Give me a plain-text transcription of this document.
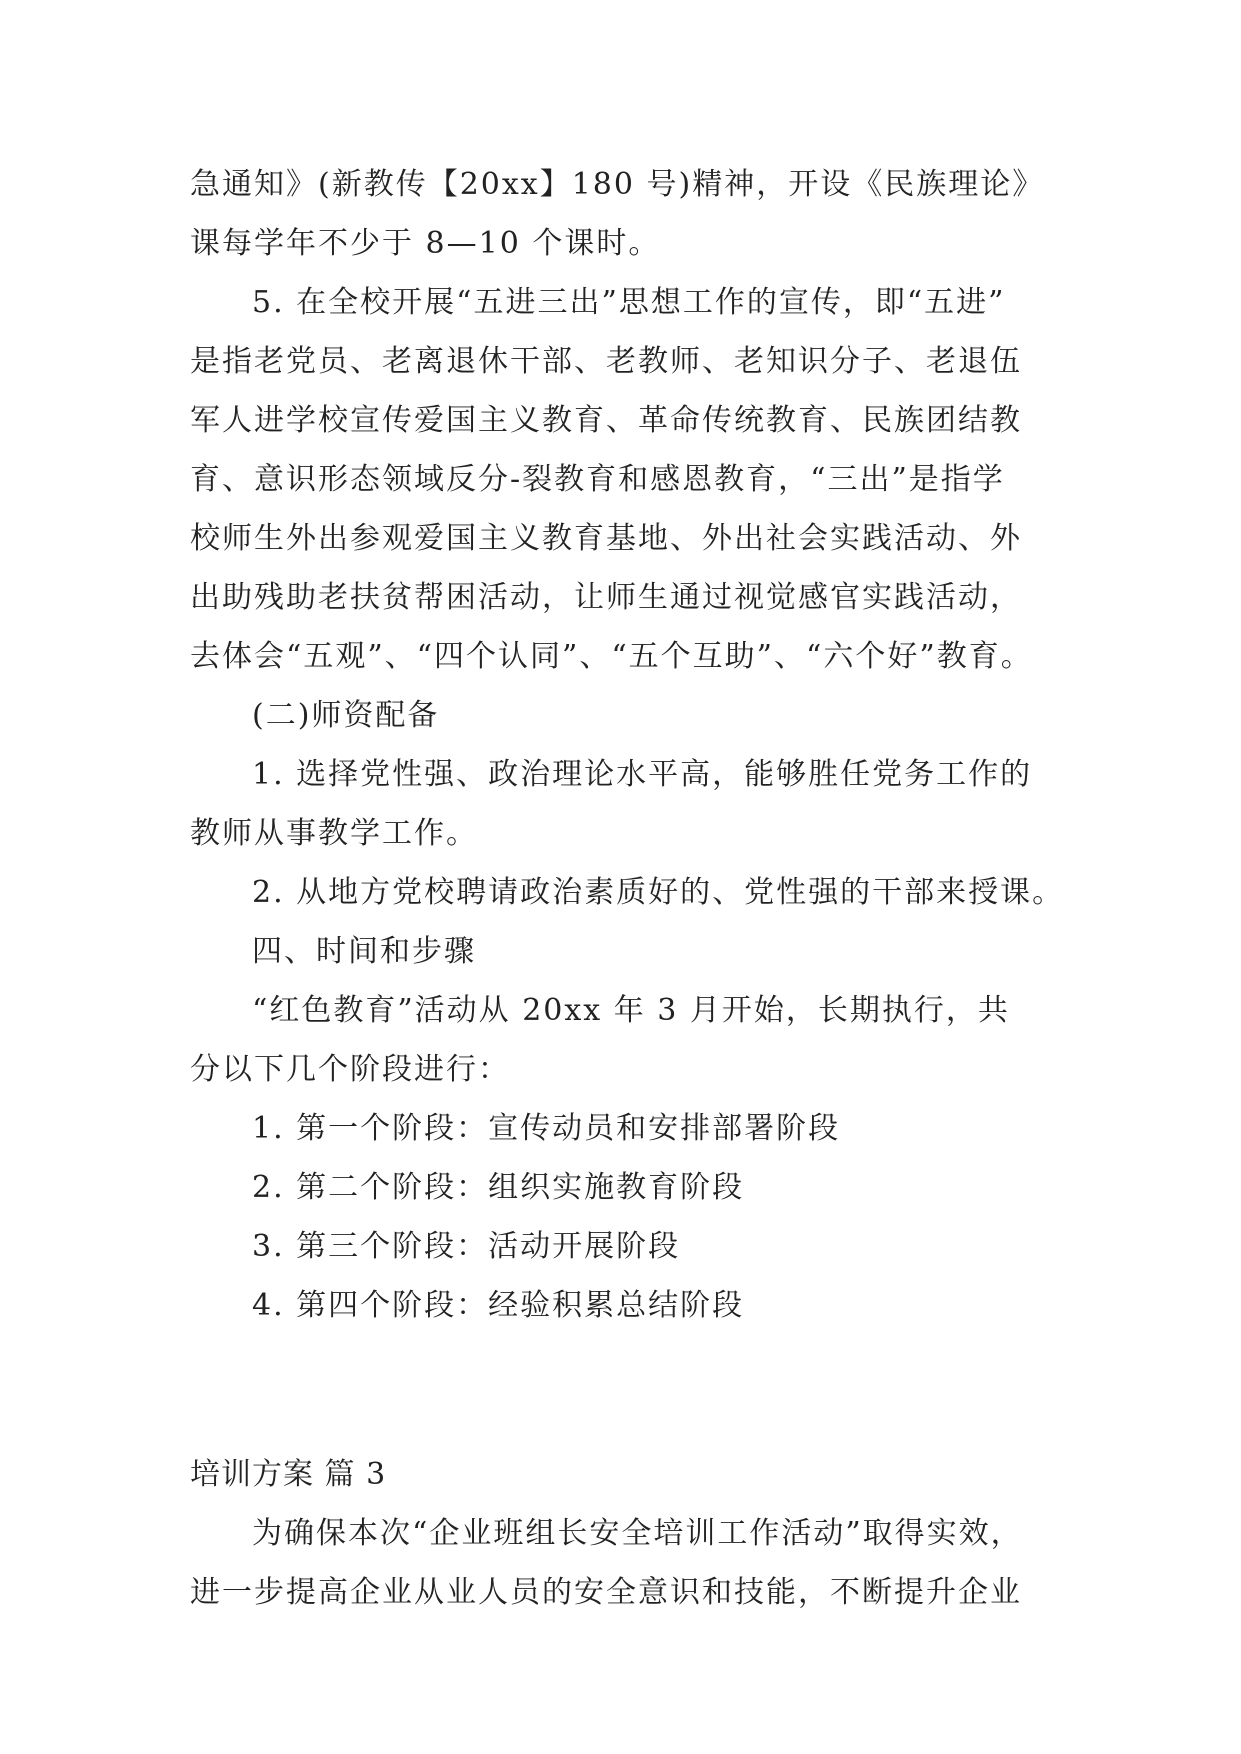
急通知》(新教传【20xx】180 号)精神，开设《民族理论》
课每学年不少于 8—10 个课时。
5. 在全校开展“五进三出”思想工作的宣传，即“五进”
是指老党员、老离退休干部、老教师、老知识分子、老退伍
军人进学校宣传爱国主义教育、革命传统教育、民族团结教
育、意识形态领域反分-裂教育和感恩教育，“三出”是指学
校师生外出参观爱国主义教育基地、外出社会实践活动、外
出助残助老扶贫帮困活动，让师生通过视觉感官实践活动，
去体会“五观”、“四个认同”、“五个互助”、“六个好”教育。
(二)师资配备
1. 选择党性强、政治理论水平高，能够胜任党务工作的
教师从事教学工作。
2. 从地方党校聘请政治素质好的、党性强的干部来授课。
四、时间和步骤
“红色教育”活动从 20xx 年 3 月开始，长期执行，共
分以下几个阶段进行：
1. 第一个阶段：宣传动员和安排部署阶段
2. 第二个阶段：组织实施教育阶段
3. 第三个阶段：活动开展阶段
4. 第四个阶段：经验积累总结阶段
培训方案 篇 3
为确保本次“企业班组长安全培训工作活动”取得实效，
进一步提高企业从业人员的安全意识和技能，不断提升企业
